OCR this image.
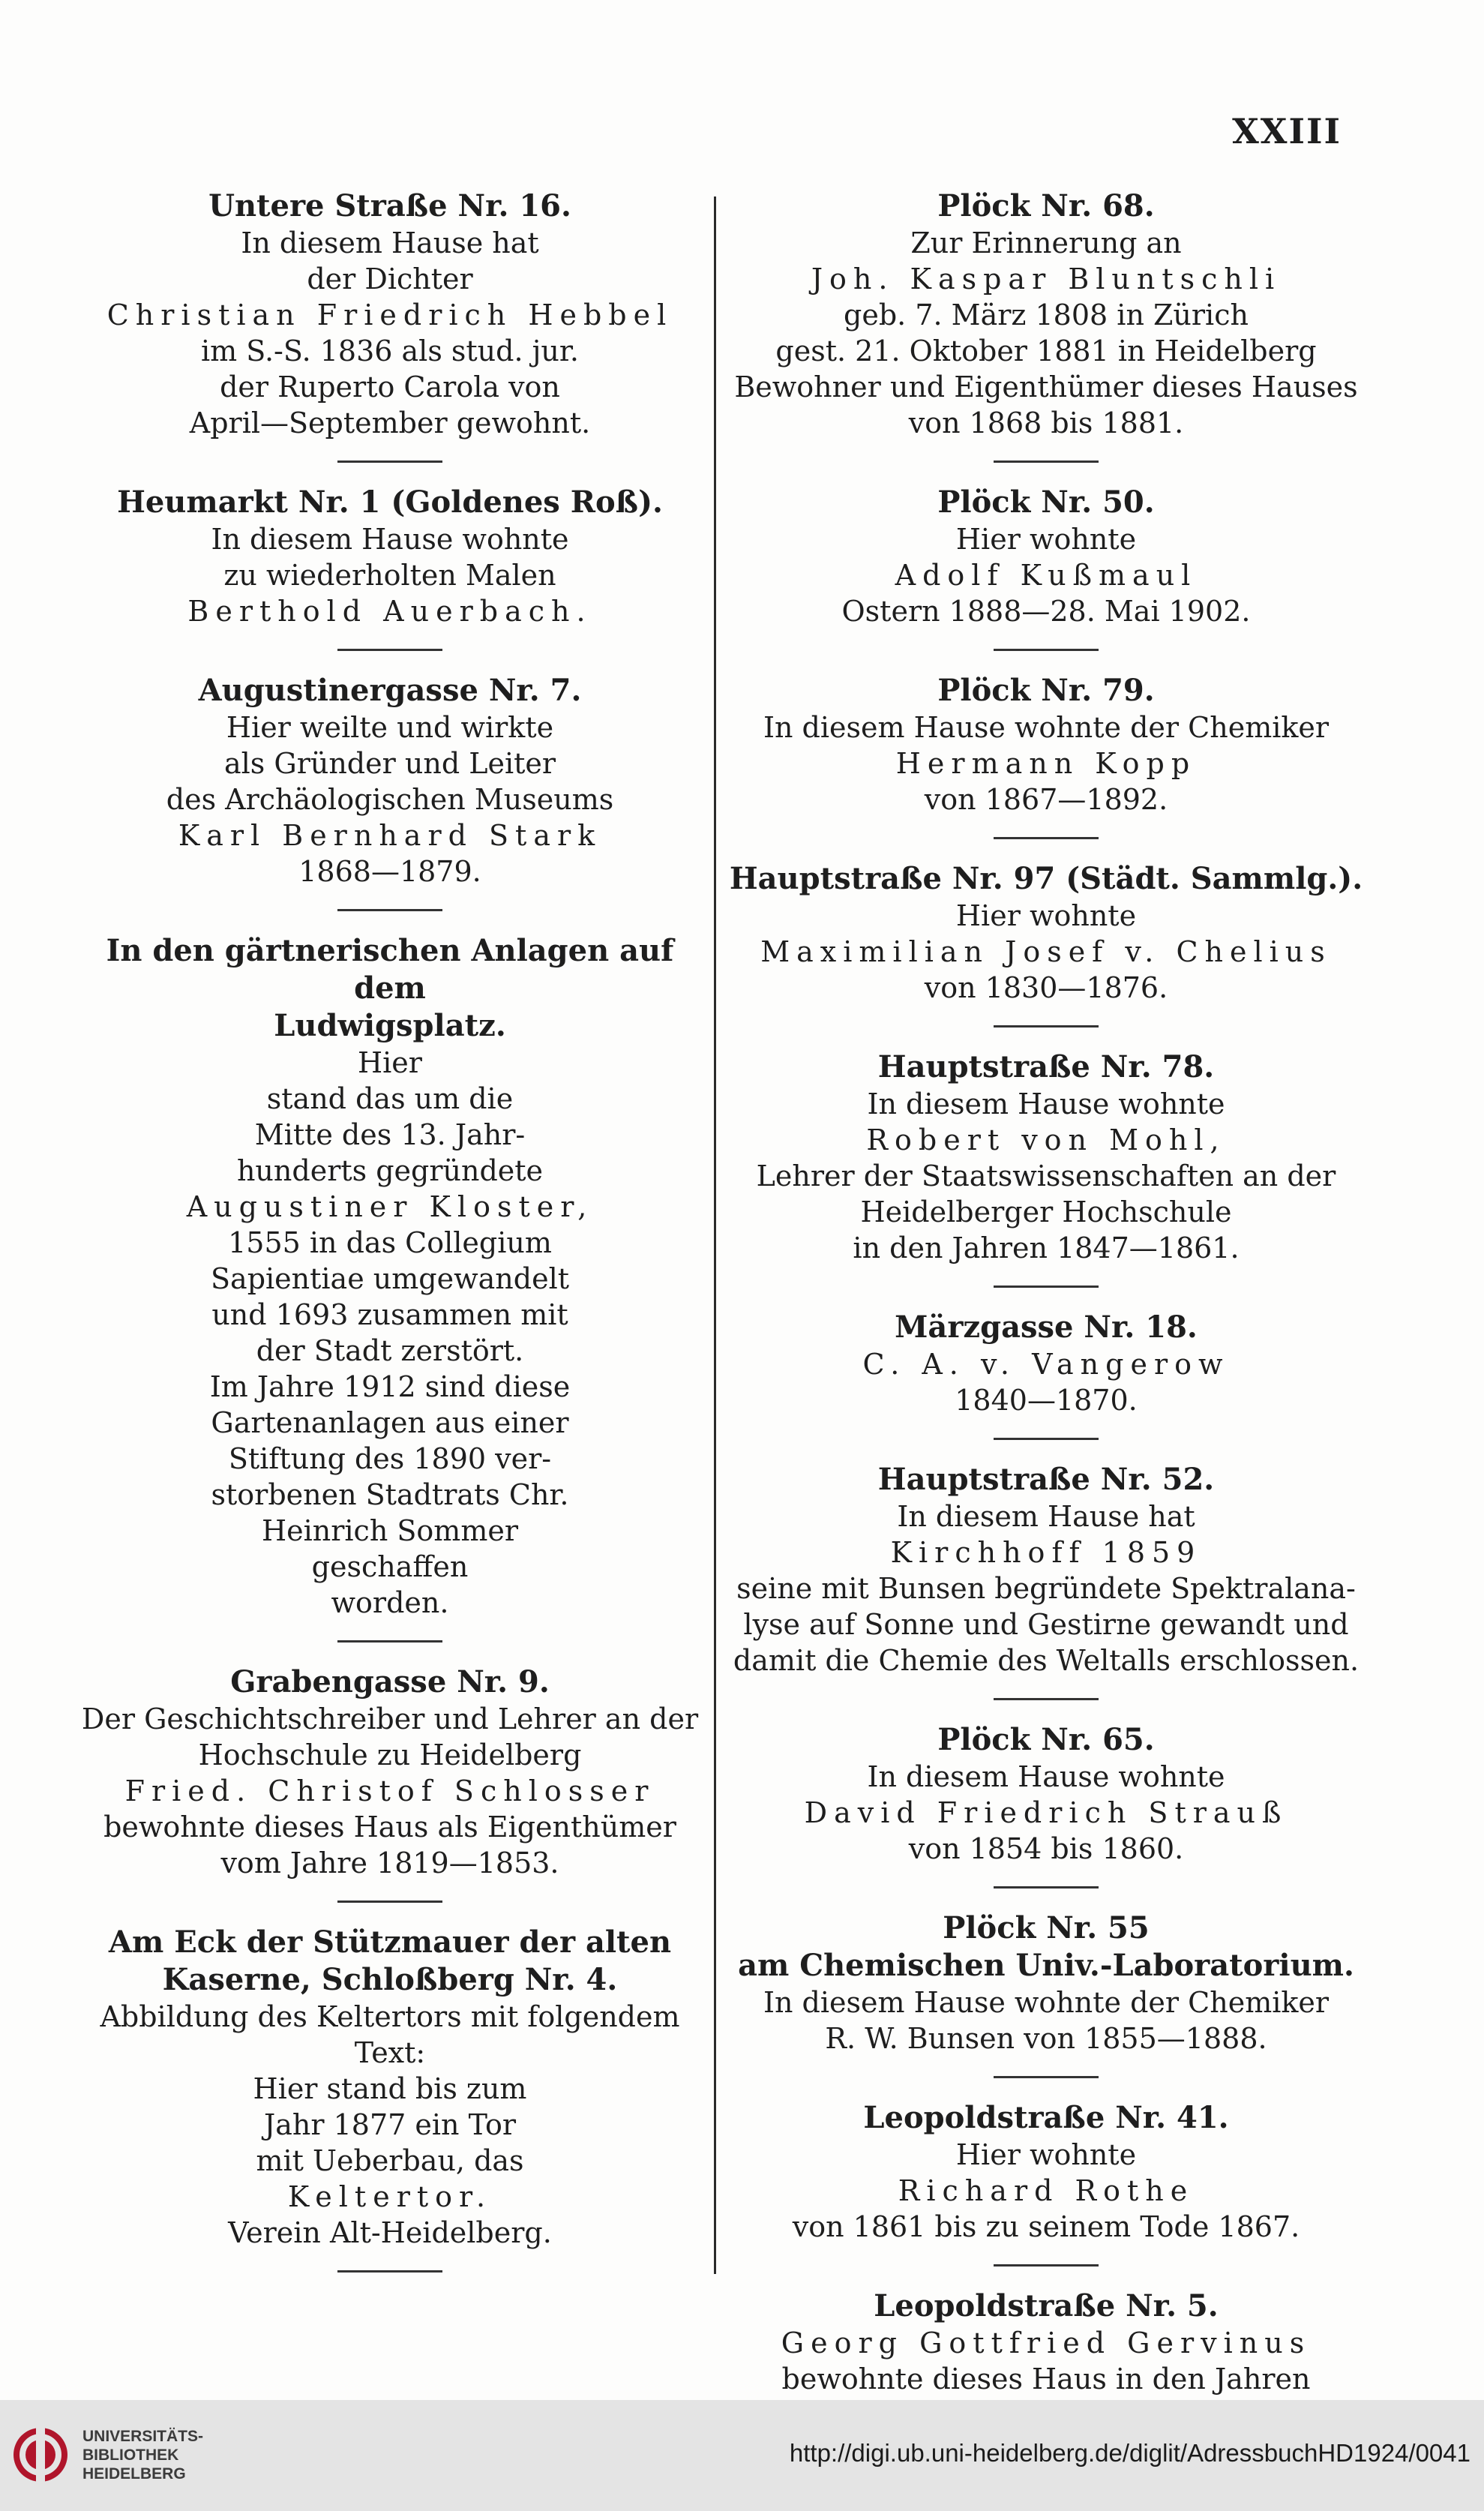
XXIII
Untere Straße Nr. 16.
In diesem Hause hat
der Dichter
Christian Friedrich Hebbel
im S.-S. 1836 als stud. jur.
der Ruperto Carola von
April—September gewohnt.
Heumarkt Nr. 1 (Goldenes Roß).
In diesem Hause wohnte
zu wiederholten Malen
Berthold Auerbach.
Augustinergasse Nr. 7.
Hier weilte und wirkte
als Gründer und Leiter
des Archäologischen Museums
Karl Bernhard Stark
1868—1879.
In den gärtnerischen Anlagen auf dem
Ludwigsplatz.
Hier
stand das um die
Mitte des 13. Jahr-
hunderts gegründete
Augustiner Kloster,
1555 in das Collegium
Sapientiae umgewandelt
und 1693 zusammen mit
der Stadt zerstört.
Im Jahre 1912 sind diese
Gartenanlagen aus einer
Stiftung des 1890 ver-
storbenen Stadtrats Chr.
Heinrich Sommer
geschaffen
worden.
Grabengasse Nr. 9.
Der Geschichtschreiber und Lehrer an der
Hochschule zu Heidelberg
Fried. Christof Schlosser
bewohnte dieses Haus als Eigenthümer
vom Jahre 1819—1853.
Am Eck der Stützmauer der alten
Kaserne, Schloßberg Nr. 4.
Abbildung des Keltertors mit folgendem
Text:
Hier stand bis zum
Jahr 1877 ein Tor
mit Ueberbau, das
Keltertor.
Verein Alt-Heidelberg.
Plöck Nr. 68.
Zur Erinnerung an
Joh. Kaspar Bluntschli
geb. 7. März 1808 in Zürich
gest. 21. Oktober 1881 in Heidelberg
Bewohner und Eigenthümer dieses Hauses
von 1868 bis 1881.
Plöck Nr. 50.
Hier wohnte
Adolf Kußmaul
Ostern 1888—28. Mai 1902.
Plöck Nr. 79.
In diesem Hause wohnte der Chemiker
Hermann Kopp
von 1867—1892.
Hauptstraße Nr. 97 (Städt. Sammlg.).
Hier wohnte
Maximilian Josef v. Chelius
von 1830—1876.
Hauptstraße Nr. 78.
In diesem Hause wohnte
Robert von Mohl,
Lehrer der Staatswissenschaften an der
Heidelberger Hochschule
in den Jahren 1847—1861.
Märzgasse Nr. 18.
C. A. v. Vangerow
1840—1870.
Hauptstraße Nr. 52.
In diesem Hause hat
Kirchhoff 1859
seine mit Bunsen begründete Spektralana-
lyse auf Sonne und Gestirne gewandt und
damit die Chemie des Weltalls erschlossen.
Plöck Nr. 65.
In diesem Hause wohnte
David Friedrich Strauß
von 1854 bis 1860.
Plöck Nr. 55
am Chemischen Univ.-Laboratorium.
In diesem Hause wohnte der Chemiker
R. W. Bunsen von 1855—1888.
Leopoldstraße Nr. 41.
Hier wohnte
Richard Rothe
von 1861 bis zu seinem Tode 1867.
Leopoldstraße Nr. 5.
Georg Gottfried Gervinus
bewohnte dieses Haus in den Jahren
UNIVERSITÄTS-
BIBLIOTHEK
HEIDELBERG
http://digi.ub.uni-heidelberg.de/diglit/AdressbuchHD1924/0041
